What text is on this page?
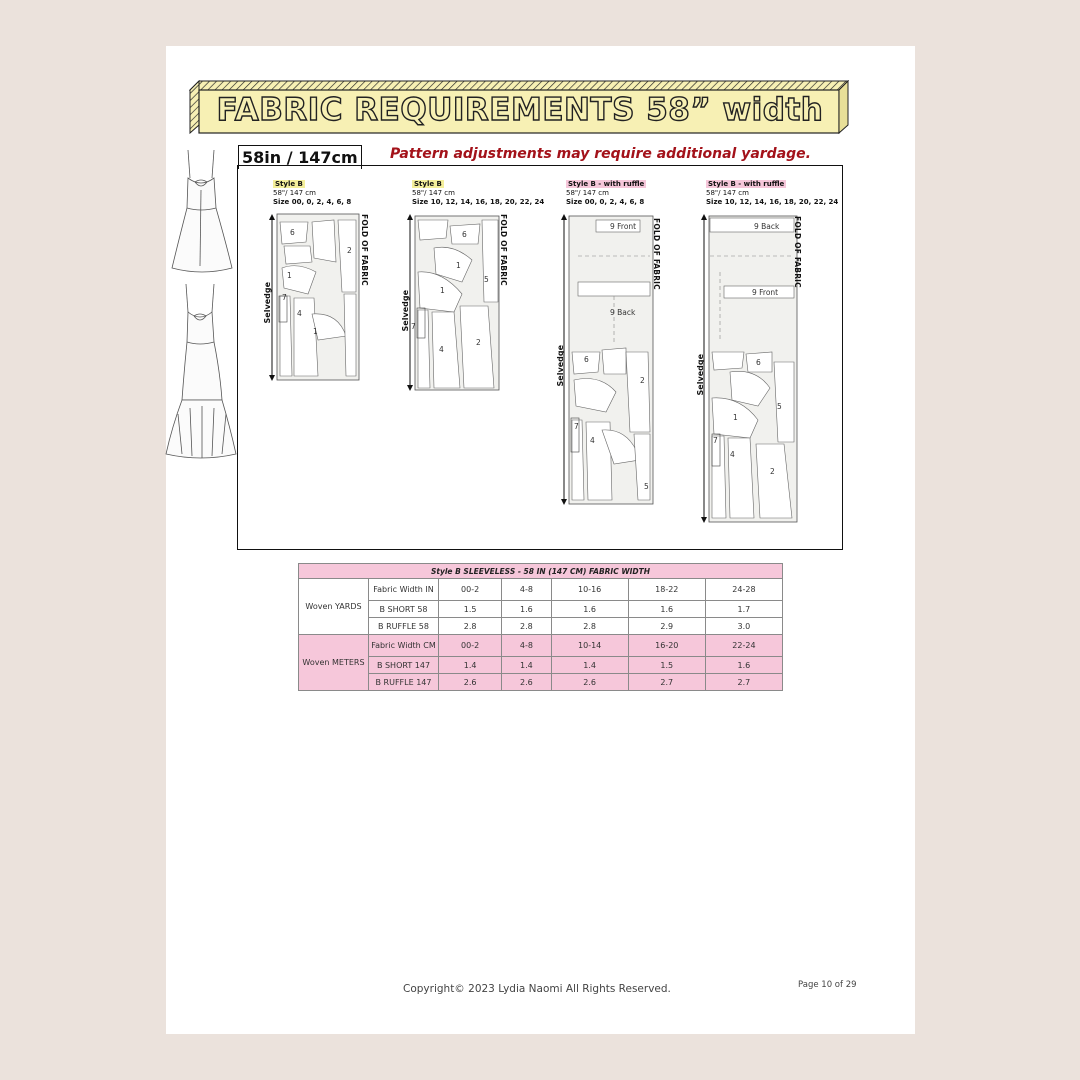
FABRIC REQUIREMENTS 58” width
58in / 147cm	Pattern adjustments may require additional yardage.
Style B
58"/ 147 cm
Size 00, 0, 2, 4, 6, 8
Style B
58"/ 147 cm
Size 10, 12, 14, 16, 18, 20, 22, 24
Style B - with ruffle
58"/ 147 cm
Size 00, 0, 2, 4, 6, 8
Style B - with ruffle
58"/ 147 cm
Size 10, 12, 14, 16, 18, 20, 22, 24
Selvedge
FOLD OF FABRIC
6
1
7
4
2
1
Selvedge
FOLD OF FABRIC
6
1
5
1
7
4
2
Selvedge
FOLD OF FABRIC
9 Front
9 Back
6
2
7
4
5
Selvedge
FOLD OF FABRIC
9 Back
9 Front
6
5
1
7
4
2
Style B SLEEVELESS - 58 IN (147 CM) FABRIC WIDTH						
Woven YARDS	Fabric Width IN	00-2	4-8	10-16	18-22	24-28
	B SHORT 58	1.5	1.6	1.6	1.6	1.7
	B RUFFLE 58	2.8	2.8	2.8	2.9	3.0
Woven METERS	Fabric Width CM	00-2	4-8	10-14	16-20	22-24
	B SHORT 147	1.4	1.4	1.4	1.5	1.6
	B RUFFLE 147	2.6	2.6	2.6	2.7	2.7
Copyright© 2023 Lydia Naomi All Rights Reserved.	Page 10 of 29
